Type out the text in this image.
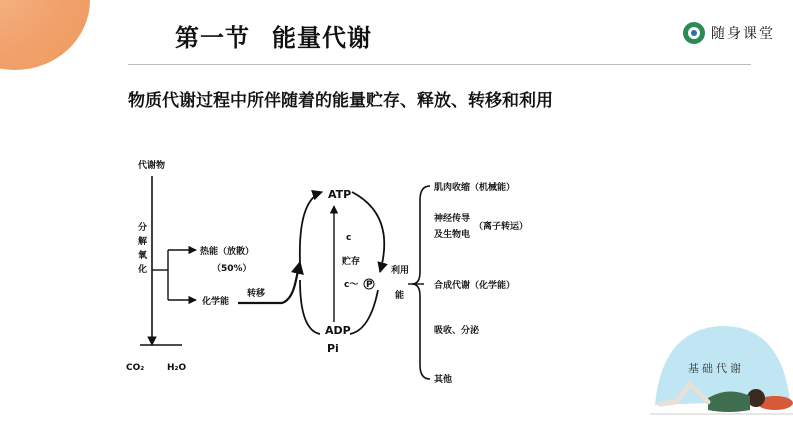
第一节 能量代谢	随身课堂
物质代谢过程中所伴随着的能量贮存、释放、转移和利用
代谢物
分
解
氧
化
CO₂	H₂O
热能（放散）
（50%）
化学能
转移
ATP
ADP
Pi
c
贮存
c～ P
利用
能
肌肉收缩（机械能）
神经传导
及生物电
（离子转运）
合成代谢（化学能）
吸收、分泌
其他
基础代谢
